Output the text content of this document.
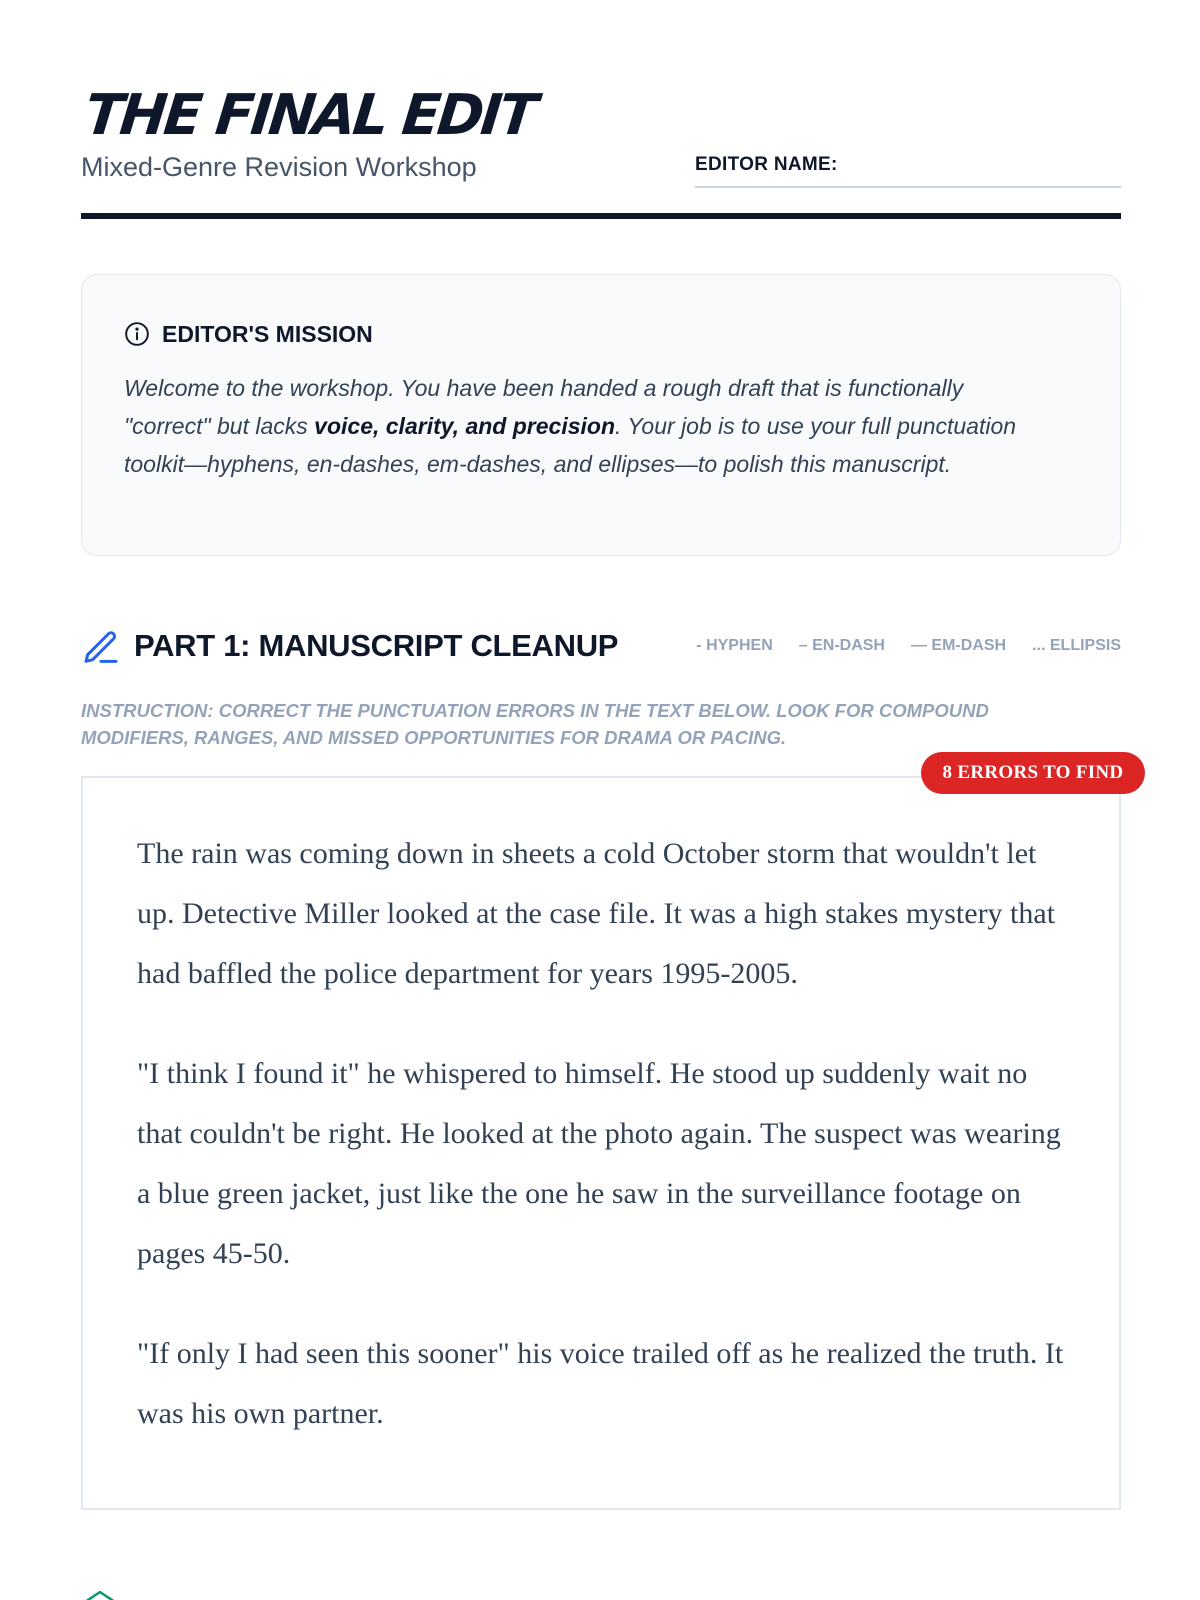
THE FINAL EDIT
Mixed-Genre Revision Workshop	EDITOR NAME:
EDITOR'S MISSION
Welcome to the workshop. You have been handed a rough draft that is functionally "correct" but lacks voice, clarity, and precision. Your job is to use your full punctuation toolkit—hyphens, en-dashes, em-dashes, and ellipses—to polish this manuscript.
PART 1: MANUSCRIPT CLEANUP	- HYPHEN – EN-DASH — EM-DASH ... ELLIPSIS
INSTRUCTION: CORRECT THE PUNCTUATION ERRORS IN THE TEXT BELOW. LOOK FOR COMPOUND MODIFIERS, RANGES, AND MISSED OPPORTUNITIES FOR DRAMA OR PACING.

The rain was coming down in sheets a cold October storm that wouldn't let up. Detective Miller looked at the case file. It was a high stakes mystery that had baffled the police department for years 1995-2005.

"I think I found it" he whispered to himself. He stood up suddenly wait no that couldn't be right. He looked at the photo again. The suspect was wearing a blue green jacket, just like the one he saw in the surveillance footage on pages 45-50.

"If only I had seen this sooner" his voice trailed off as he realized the truth. It was his own partner.

8 ERRORS TO FIND
